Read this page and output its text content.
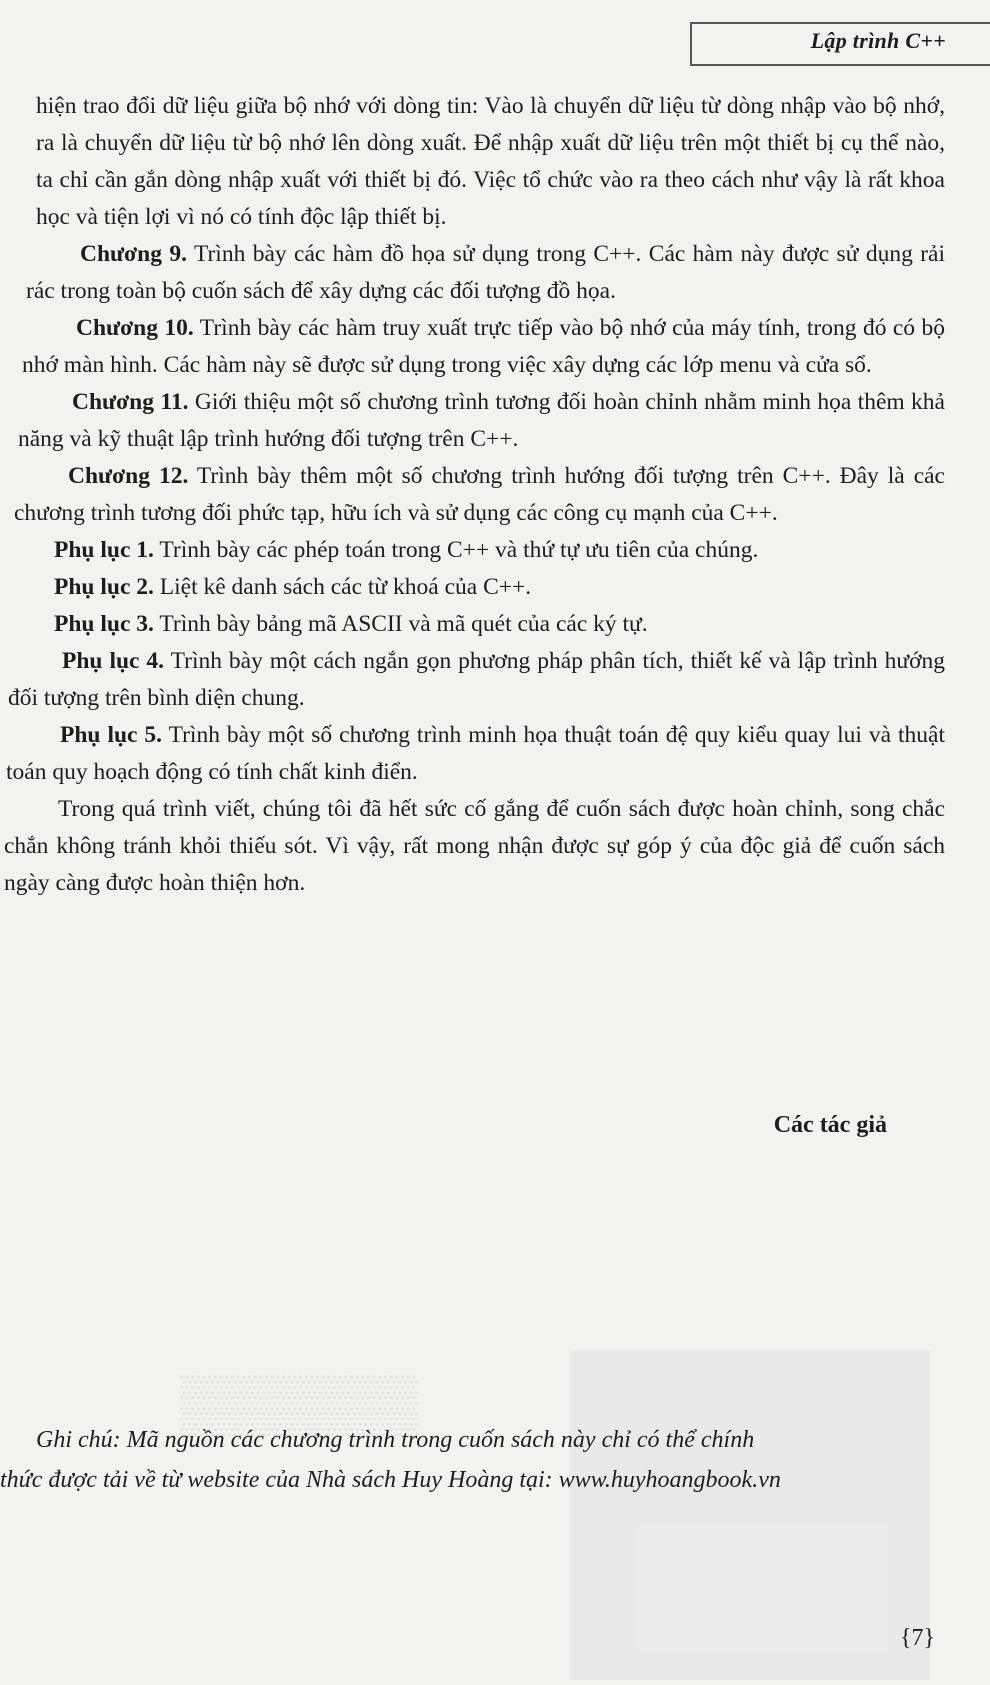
▒▒▒▒▒▒
Lập trình C++

hiện trao đổi dữ liệu giữa bộ nhớ với dòng tin: Vào là chuyển dữ liệu từ dòng nhập vào bộ nhớ, ra là chuyển dữ liệu từ bộ nhớ lên dòng xuất. Để nhập xuất dữ liệu trên một thiết bị cụ thể nào, ta chỉ cần gắn dòng nhập xuất với thiết bị đó. Việc tổ chức vào ra theo cách như vậy là rất khoa học và tiện lợi vì nó có tính độc lập thiết bị.

Chương 9. Trình bày các hàm đồ họa sử dụng trong C++. Các hàm này được sử dụng rải rác trong toàn bộ cuốn sách để xây dựng các đối tượng đồ họa.

Chương 10. Trình bày các hàm truy xuất trực tiếp vào bộ nhớ của máy tính, trong đó có bộ nhớ màn hình. Các hàm này sẽ được sử dụng trong việc xây dựng các lớp menu và cửa sổ.

Chương 11. Giới thiệu một số chương trình tương đối hoàn chỉnh nhằm minh họa thêm khả năng và kỹ thuật lập trình hướng đối tượng trên C++.

Chương 12. Trình bày thêm một số chương trình hướng đối tượng trên C++. Đây là các chương trình tương đối phức tạp, hữu ích và sử dụng các công cụ mạnh của C++.

Phụ lục 1. Trình bày các phép toán trong C++ và thứ tự ưu tiên của chúng.

Phụ lục 2. Liệt kê danh sách các từ khoá của C++.

Phụ lục 3. Trình bày bảng mã ASCII và mã quét của các ký tự.

Phụ lục 4. Trình bày một cách ngắn gọn phương pháp phân tích, thiết kế và lập trình hướng đối tượng trên bình diện chung.

Phụ lục 5. Trình bày một số chương trình minh họa thuật toán đệ quy kiểu quay lui và thuật toán quy hoạch động có tính chất kinh điển.

Trong quá trình viết, chúng tôi đã hết sức cố gắng để cuốn sách được hoàn chỉnh, song chắc chắn không tránh khỏi thiếu sót. Vì vậy, rất mong nhận được sự góp ý của độc giả để cuốn sách ngày càng được hoàn thiện hơn.

Các tác giả
Ghi chú: Mã nguồn các chương trình trong cuốn sách này chỉ có thể chính
thức được tải về từ website của Nhà sách Huy Hoàng tại: www.huyhoangbook.vn
{7}
